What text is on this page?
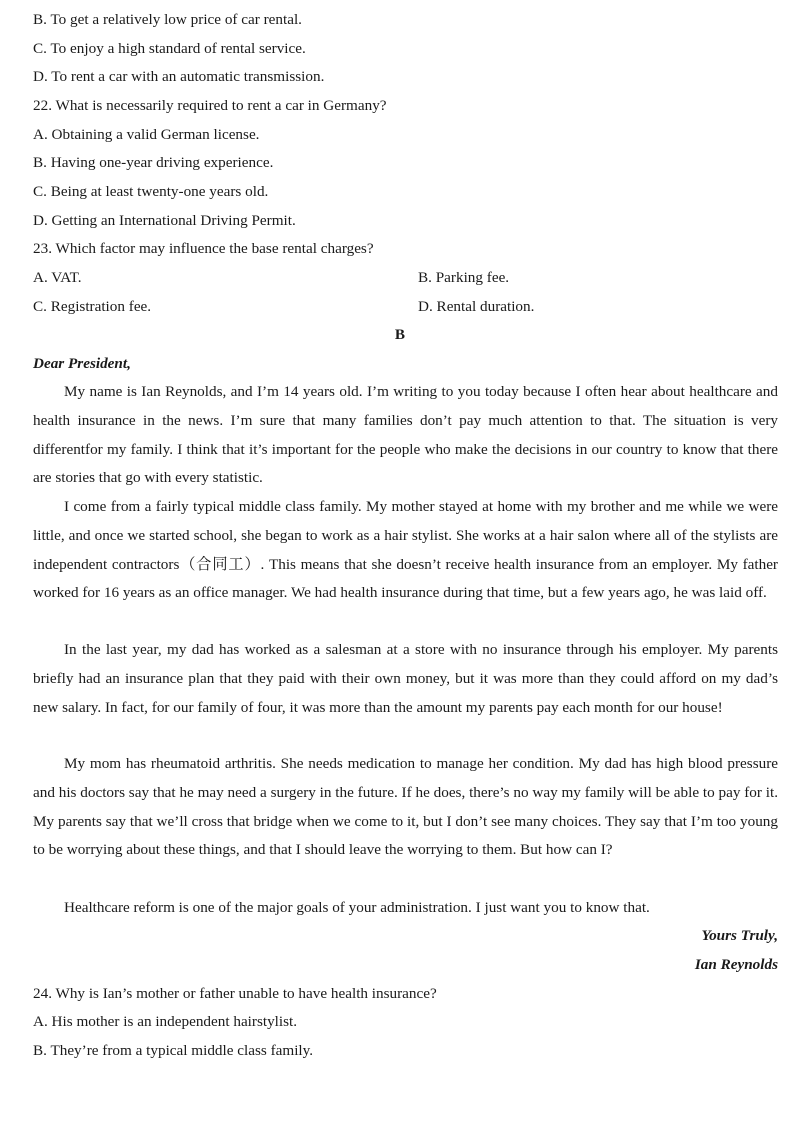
B. To get a relatively low price of car rental.
C. To enjoy a high standard of rental service.
D. To rent a car with an automatic transmission.
22. What is necessarily required to rent a car in Germany?
A. Obtaining a valid German license.
B. Having one-year driving experience.
C. Being at least twenty-one years old.
D. Getting an International Driving Permit.
23. Which factor may influence the base rental charges?
A. VAT.	B. Parking fee.
C. Registration fee.	D. Rental duration.
B
Dear President,
My name is Ian Reynolds, and I’m 14 years old. I’m writing to you today because I often hear about healthcare and health insurance in the news. I’m sure that many families don’t pay much attention to that. The situation is very differentfor my family. I think that it’s important for the people who make the decisions in our country to know that there are stories that go with every statistic.
I come from a fairly typical middle class family. My mother stayed at home with my brother and me while we were little, and once we started school, she began to work as a hair stylist. She works at a hair salon where all of the stylists are independent contractors（合同工）. This means that she doesn’t receive health insurance from an employer. My father worked for 16 years as an office manager. We had health insurance during that time, but a few years ago, he was laid off.
In the last year, my dad has worked as a salesman at a store with no insurance through his employer. My parents briefly had an insurance plan that they paid with their own money, but it was more than they could afford on my dad’s new salary. In fact, for our family of four, it was more than the amount my parents pay each month for our house!
My mom has rheumatoid arthritis. She needs medication to manage her condition. My dad has high blood pressure and his doctors say that he may need a surgery in the future. If he does, there’s no way my family will be able to pay for it. My parents say that we’ll cross that bridge when we come to it, but I don’t see many choices. They say that I’m too young to be worrying about these things, and that I should leave the worrying to them. But how can I?
Healthcare reform is one of the major goals of your administration. I just want you to know that.
Yours Truly,
Ian Reynolds
24. Why is Ian’s mother or father unable to have health insurance?
A. His mother is an independent hairstylist.
B. They’re from a typical middle class family.
